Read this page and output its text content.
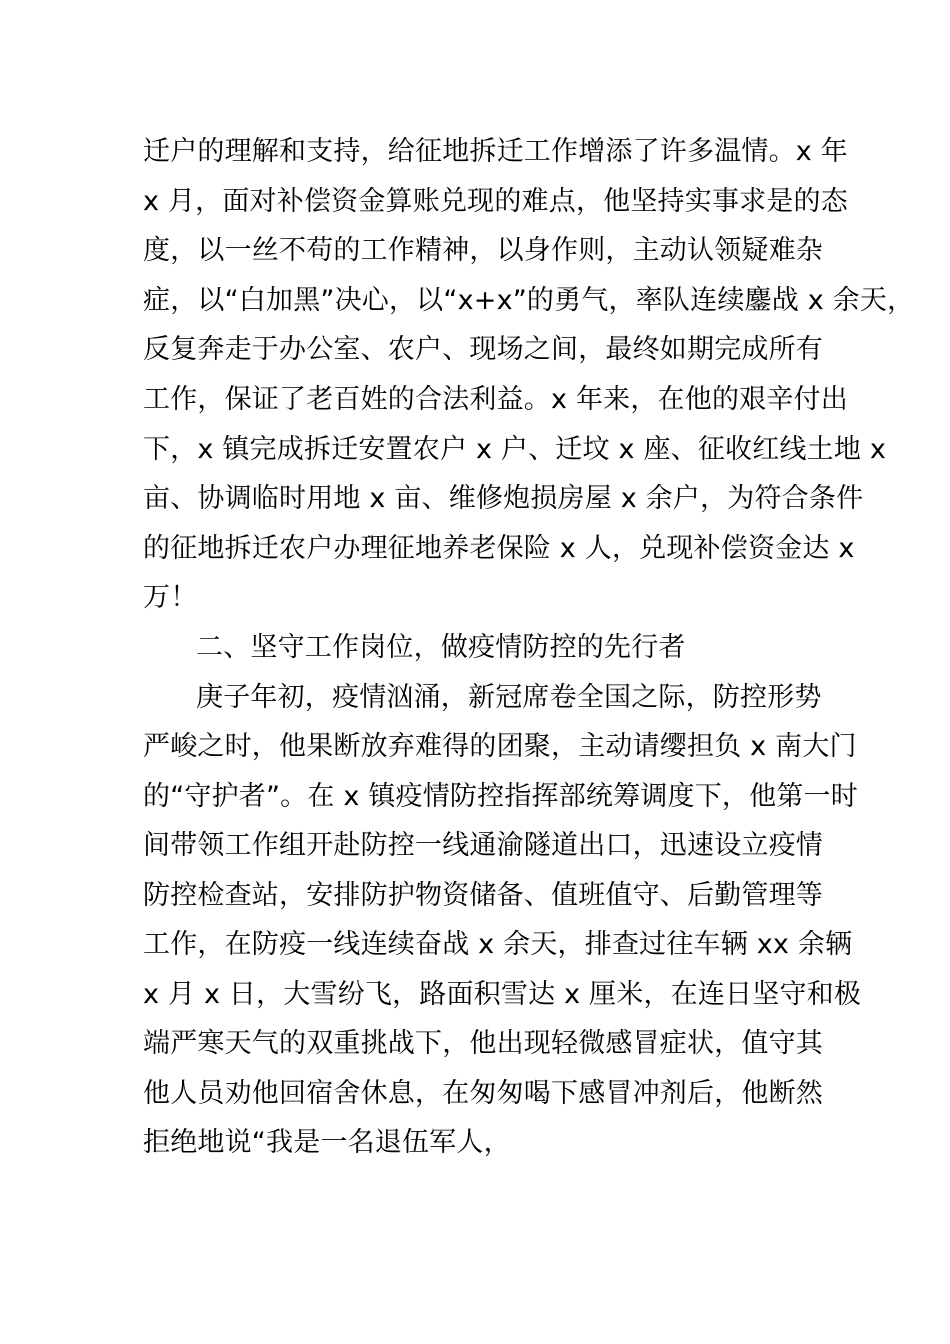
迁户的理解和支持，给征地拆迁工作增添了许多温情。x 年
x 月，面对补偿资金算账兑现的难点，他坚持实事求是的态
度，以一丝不苟的工作精神，以身作则，主动认领疑难杂
症，以“白加黑”决心，以“x+x”的勇气，率队连续鏖战 x 余天，
反复奔走于办公室、农户、现场之间，最终如期完成所有
工作，保证了老百姓的合法利益。x 年来，在他的艰辛付出
下，x 镇完成拆迁安置农户 x 户、迁坟 x 座、征收红线土地 x
亩、协调临时用地 x 亩、维修炮损房屋 x 余户，为符合条件
的征地拆迁农户办理征地养老保险 x 人，兑现补偿资金达 x
万！
二、坚守工作岗位，做疫情防控的先行者
庚子年初，疫情汹涌，新冠席卷全国之际，防控形势
严峻之时，他果断放弃难得的团聚，主动请缨担负 x 南大门
的“守护者”。在 x 镇疫情防控指挥部统筹调度下，他第一时
间带领工作组开赴防控一线通渝隧道出口，迅速设立疫情
防控检查站，安排防护物资储备、值班值守、后勤管理等
工作，在防疫一线连续奋战 x 余天，排查过往车辆 xx 余辆
x 月 x 日，大雪纷飞，路面积雪达 x 厘米，在连日坚守和极
端严寒天气的双重挑战下，他出现轻微感冒症状，值守其
他人员劝他回宿舍休息，在匆匆喝下感冒冲剂后，他断然
拒绝地说“我是一名退伍军人，
